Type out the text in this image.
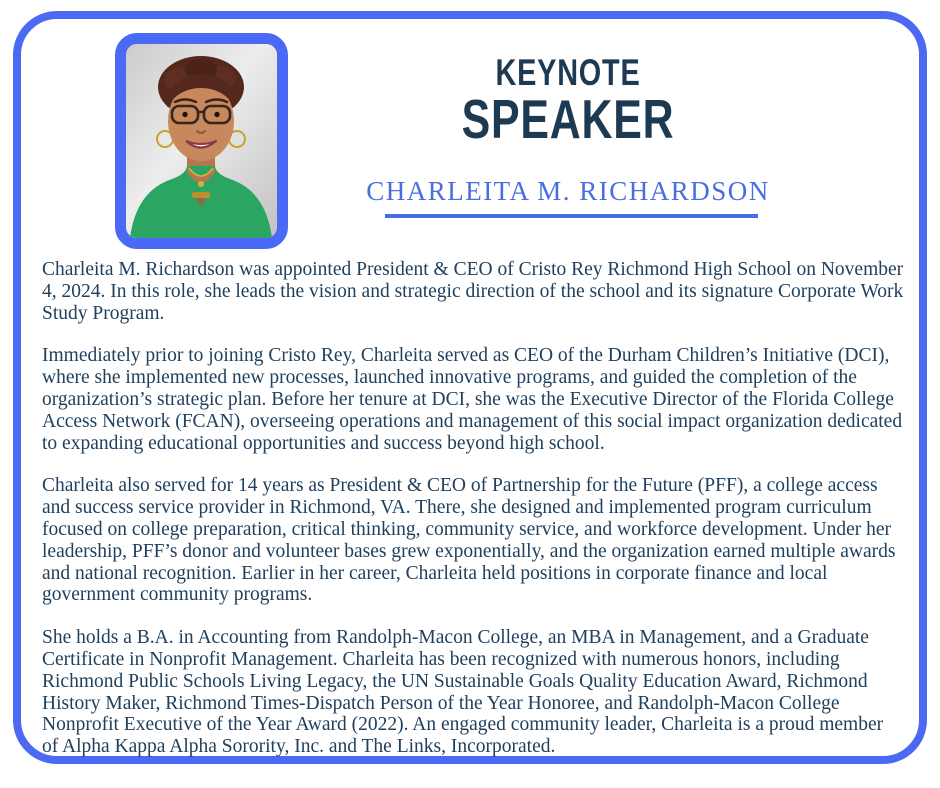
KEYNOTE
SPEAKER
CHARLEITA M. RICHARDSON

Charleita M. Richardson was appointed President & CEO of Cristo Rey Richmond High School on November 4, 2024. In this role, she leads the vision and strategic direction of the school and its signature Corporate Work Study Program.

Immediately prior to joining Cristo Rey, Charleita served as CEO of the Durham Children’s Initiative (DCI), where she implemented new processes, launched innovative programs, and guided the completion of the organization’s strategic plan. Before her tenure at DCI, she was the Executive Director of the Florida College Access Network (FCAN), overseeing operations and management of this social impact organization dedicated to expanding educational opportunities and success beyond high school.

Charleita also served for 14 years as President & CEO of Partnership for the Future (PFF), a college access and success service provider in Richmond, VA. There, she designed and implemented program curriculum focused on college preparation, critical thinking, community service, and workforce development. Under her leadership, PFF’s donor and volunteer bases grew exponentially, and the organization earned multiple awards and national recognition. Earlier in her career, Charleita held positions in corporate finance and local government community programs.

She holds a B.A. in Accounting from Randolph-Macon College, an MBA in Management, and a Graduate Certificate in Nonprofit Management. Charleita has been recognized with numerous honors, including Richmond Public Schools Living Legacy, the UN Sustainable Goals Quality Education Award, Richmond History Maker, Richmond Times-Dispatch Person of the Year Honoree, and Randolph-Macon College Nonprofit Executive of the Year Award (2022). An engaged community leader, Charleita is a proud member of Alpha Kappa Alpha Sorority, Inc. and The Links, Incorporated.
